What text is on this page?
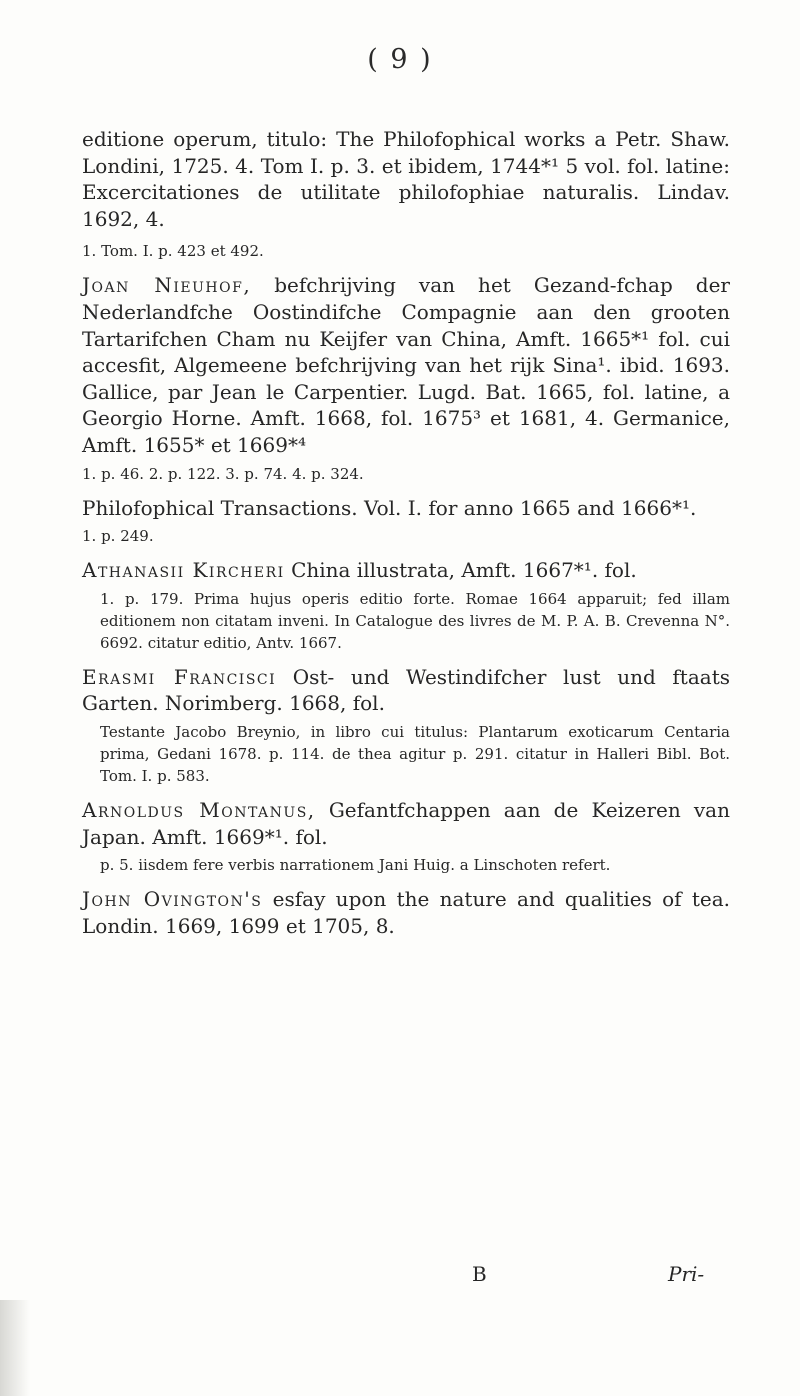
( 9 )

editione operum, titulo: The Philofophical works a Petr. Shaw. Londini, 1725. 4. Tom I. p. 3. et ibidem, 1744*¹ 5 vol. fol. latine: Excercitationes de utilitate philofophiae naturalis. Lindav. 1692, 4.

1. Tom. I. p. 423 et 492.

Joan Nieuhof, befchrijving van het Gezand-fchap der Nederlandfche Oostindifche Compagnie aan den grooten Tartarifchen Cham nu Keijfer van China, Amft. 1665*¹ fol. cui accesfit, Algemeene befchrijving van het rijk Sina¹. ibid. 1693. Gallice, par Jean le Carpentier. Lugd. Bat. 1665, fol. latine, a Georgio Horne. Amft. 1668, fol. 1675³ et 1681, 4. Germanice, Amft. 1655* et 1669*⁴

1. p. 46. 2. p. 122. 3. p. 74. 4. p. 324.

Philofophical Transactions. Vol. I. for anno 1665 and 1666*¹.

1. p. 249.

Athanasii Kircheri China illustrata, Amft. 1667*¹. fol.

1. p. 179. Prima hujus operis editio forte. Romae 1664 apparuit; fed illam editionem non citatam inveni. In Catalogue des livres de M. P. A. B. Crevenna N°. 6692. citatur editio, Antv. 1667.

Erasmi Francisci Ost- und Westindifcher lust und ftaats Garten. Norimberg. 1668, fol.

Testante Jacobo Breynio, in libro cui titulus: Plantarum exoticarum Centaria prima, Gedani 1678. p. 114. de thea agitur p. 291. citatur in Halleri Bibl. Bot. Tom. I. p. 583.

Arnoldus Montanus, Gefantfchappen aan de Keizeren van Japan. Amft. 1669*¹. fol.

p. 5. iisdem fere verbis narrationem Jani Huig. a Linschoten refert.

John Ovington's esfay upon the nature and qualities of tea. Londin. 1669, 1699 et 1705, 8.

B	Pri-
